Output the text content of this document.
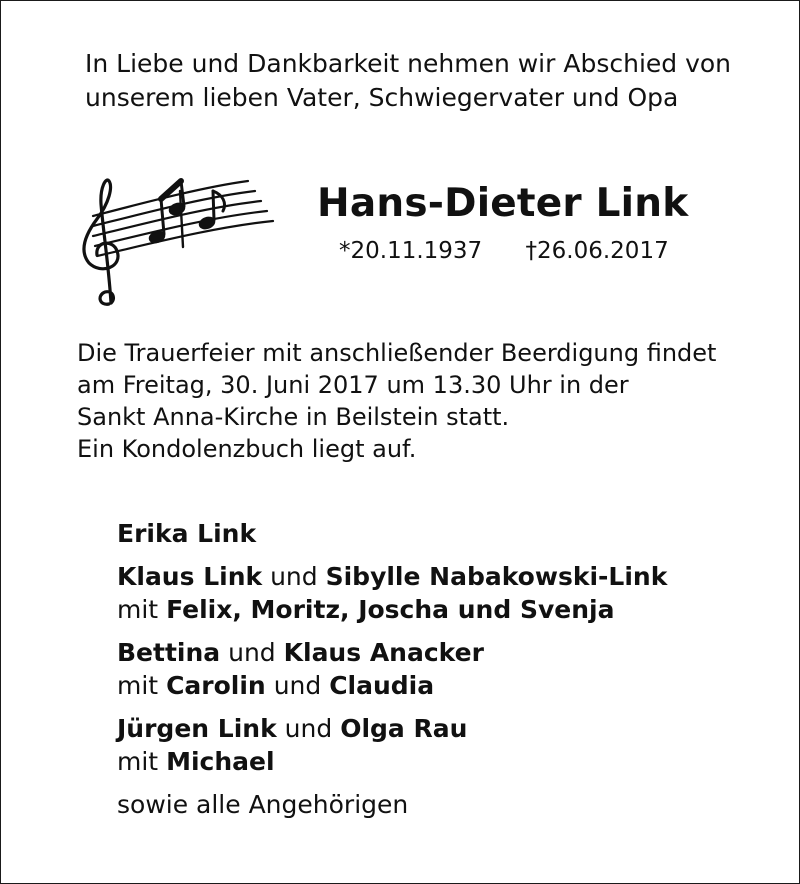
In Liebe und Dankbarkeit nehmen wir Abschied von
unserem lieben Vater, Schwiegervater und Opa
Hans-Dieter Link
*20.11.1937 †26.06.2017
Die Trauerfeier mit anschließender Beerdigung findet
am Freitag, 30. Juni 2017 um 13.30 Uhr in der
Sankt Anna-Kirche in Beilstein statt.
Ein Kondolenzbuch liegt auf.
Erika Link
Klaus Link und Sibylle Nabakowski-Link
mit Felix, Moritz, Joscha und Svenja
Bettina und Klaus Anacker
mit Carolin und Claudia
Jürgen Link und Olga Rau
mit Michael
sowie alle Angehörigen
